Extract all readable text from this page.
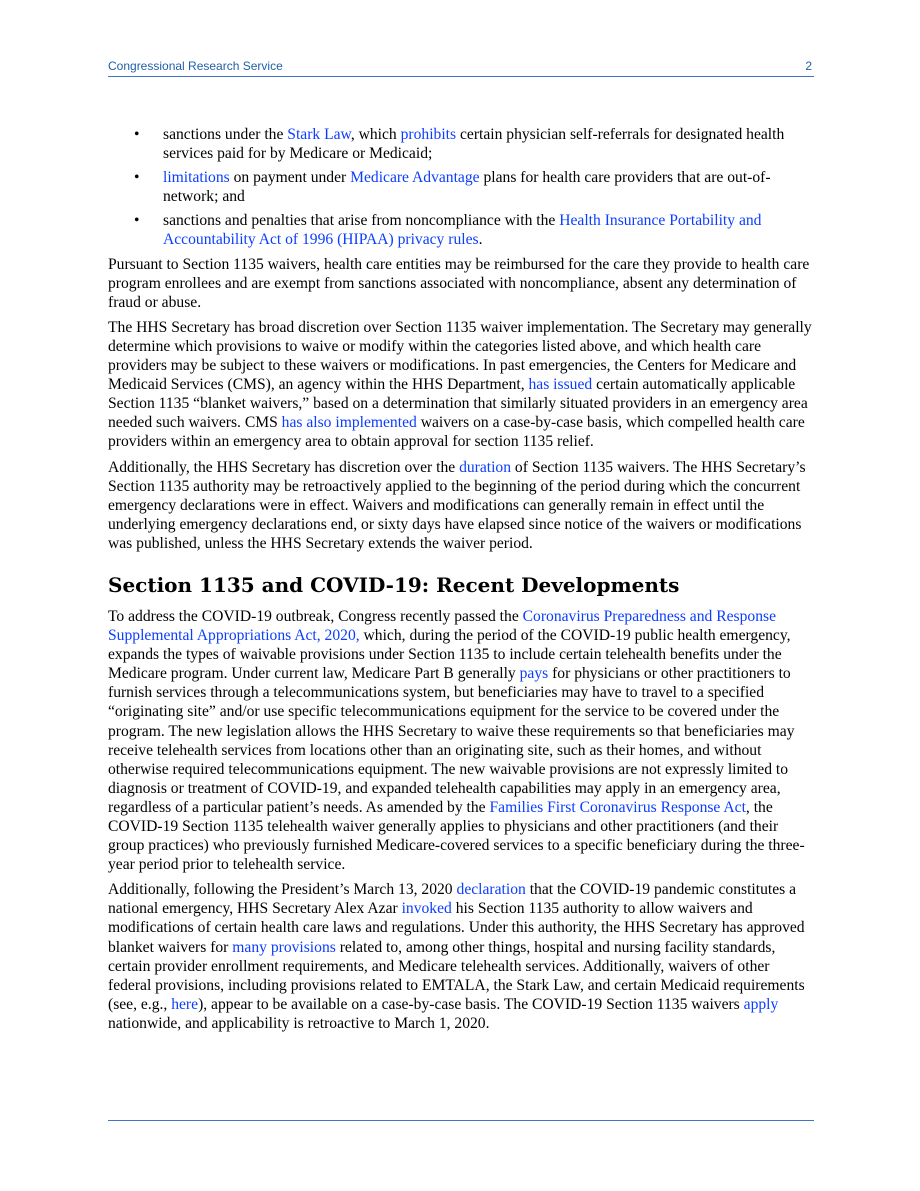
Congressional Research Service	2
• sanctions under the Stark Law, which prohibits certain physician self-referrals for designated health services paid for by Medicare or Medicaid;
• limitations on payment under Medicare Advantage plans for health care providers that are out-of-network; and
• sanctions and penalties that arise from noncompliance with the Health Insurance Portability and Accountability Act of 1996 (HIPAA) privacy rules.

Pursuant to Section 1135 waivers, health care entities may be reimbursed for the care they provide to health care program enrollees and are exempt from sanctions associated with noncompliance, absent any determination of fraud or abuse.

The HHS Secretary has broad discretion over Section 1135 waiver implementation. The Secretary may generally determine which provisions to waive or modify within the categories listed above, and which health care providers may be subject to these waivers or modifications. In past emergencies, the Centers for Medicare and Medicaid Services (CMS), an agency within the HHS Department, has issued certain automatically applicable Section 1135 “blanket waivers,” based on a determination that similarly situated providers in an emergency area needed such waivers. CMS has also implemented waivers on a case-by-case basis, which compelled health care providers within an emergency area to obtain approval for section 1135 relief.

Additionally, the HHS Secretary has discretion over the duration of Section 1135 waivers. The HHS Secretary’s Section 1135 authority may be retroactively applied to the beginning of the period during which the concurrent emergency declarations were in effect. Waivers and modifications can generally remain in effect until the underlying emergency declarations end, or sixty days have elapsed since notice of the waivers or modifications was published, unless the HHS Secretary extends the waiver period.

Section 1135 and COVID-19: Recent Developments

To address the COVID-19 outbreak, Congress recently passed the Coronavirus Preparedness and Response Supplemental Appropriations Act, 2020, which, during the period of the COVID-19 public health emergency, expands the types of waivable provisions under Section 1135 to include certain telehealth benefits under the Medicare program. Under current law, Medicare Part B generally pays for physicians or other practitioners to furnish services through a telecommunications system, but beneficiaries may have to travel to a specified “originating site” and/or use specific telecommunications equipment for the service to be covered under the program. The new legislation allows the HHS Secretary to waive these requirements so that beneficiaries may receive telehealth services from locations other than an originating site, such as their homes, and without otherwise required telecommunications equipment. The new waivable provisions are not expressly limited to diagnosis or treatment of COVID-19, and expanded telehealth capabilities may apply in an emergency area, regardless of a particular patient’s needs. As amended by the Families First Coronavirus Response Act, the COVID-19 Section 1135 telehealth waiver generally applies to physicians and other practitioners (and their group practices) who previously furnished Medicare-covered services to a specific beneficiary during the three-year period prior to telehealth service.

Additionally, following the President’s March 13, 2020 declaration that the COVID-19 pandemic constitutes a national emergency, HHS Secretary Alex Azar invoked his Section 1135 authority to allow waivers and modifications of certain health care laws and regulations. Under this authority, the HHS Secretary has approved blanket waivers for many provisions related to, among other things, hospital and nursing facility standards, certain provider enrollment requirements, and Medicare telehealth services. Additionally, waivers of other federal provisions, including provisions related to EMTALA, the Stark Law, and certain Medicaid requirements (see, e.g., here), appear to be available on a case-by-case basis. The COVID-19 Section 1135 waivers apply nationwide, and applicability is retroactive to March 1, 2020.
